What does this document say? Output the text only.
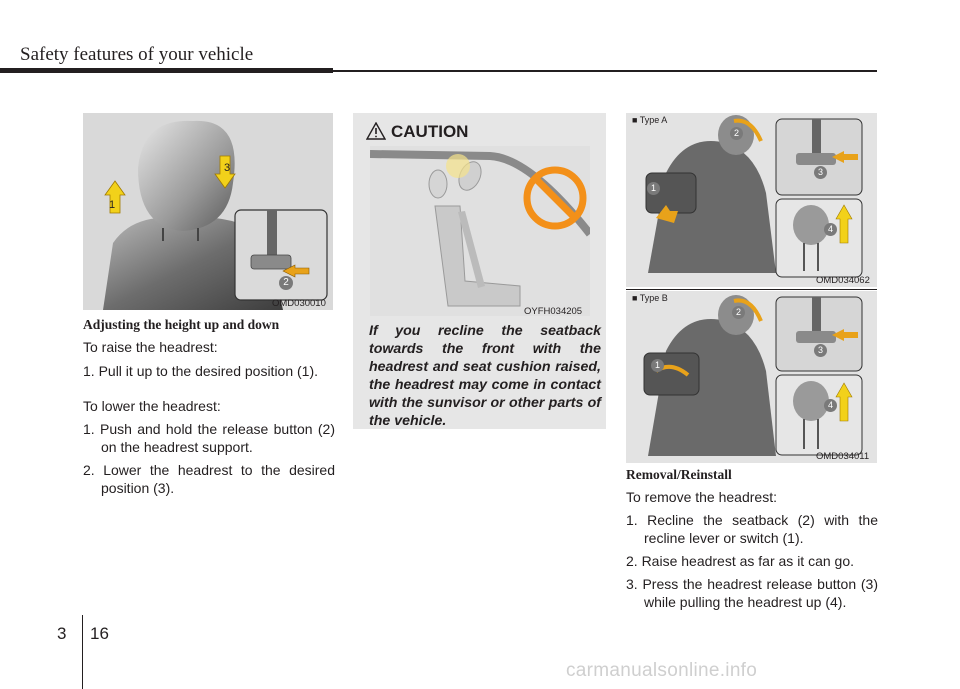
Safety features of your vehicle
1
3
2
OMD030010
Adjusting the height up and down
To raise the headrest:
1. Pull it up to the desired position (1).
To lower the headrest:
1. Push and hold the release button (2) on the headrest support.
2. Lower the headrest to the desired position (3).
CAUTION
OYFH034205
If you recline the seatback towards the front with the headrest and seat cushion raised, the headrest may come in contact with the sunvisor or other parts of the vehicle.
■ Type A
1
2
3
4
OMD034062
■ Type B
1
2
3
4
OMD034011
Removal/Reinstall
To remove the headrest:
1. Recline the seatback (2) with the recline lever or switch (1).
2. Raise headrest as far as it can go.
3. Press the headrest release button (3) while pulling the headrest up (4).
3 16
carmanualsonline.info
